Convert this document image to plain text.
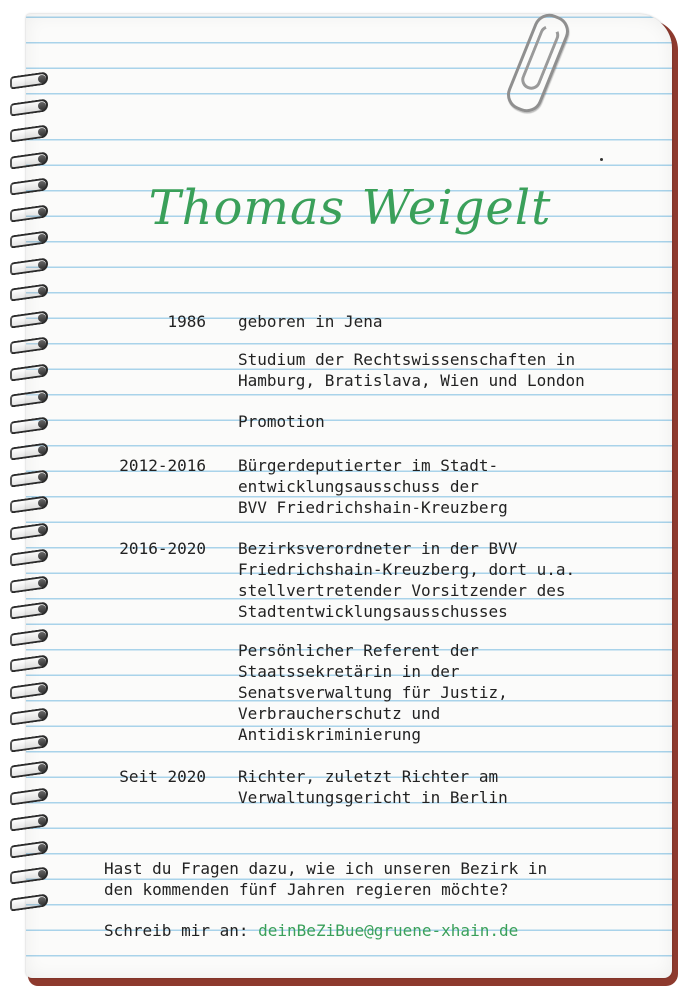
Thomas Weigelt
1986 geboren in Jena
Studium der Rechtswissenschaften in
Hamburg, Bratislava, Wien und London
Promotion
2012-2016 Bürgerdeputierter im Stadt-
entwicklungsausschuss der
BVV Friedrichshain-Kreuzberg
2016-2020 Bezirksverordneter in der BVV
Friedrichshain-Kreuzberg, dort u.a.
stellvertretender Vorsitzender des
Stadtentwicklungsausschusses
Persönlicher Referent der
Staatssekretärin in der
Senatsverwaltung für Justiz,
Verbraucherschutz und
Antidiskriminierung
Seit 2020 Richter, zuletzt Richter am
Verwaltungsgericht in Berlin
Hast du Fragen dazu, wie ich unseren Bezirk in
den kommenden fünf Jahren regieren möchte?
Schreib mir an: deinBeZiBue@gruene-xhain.de
